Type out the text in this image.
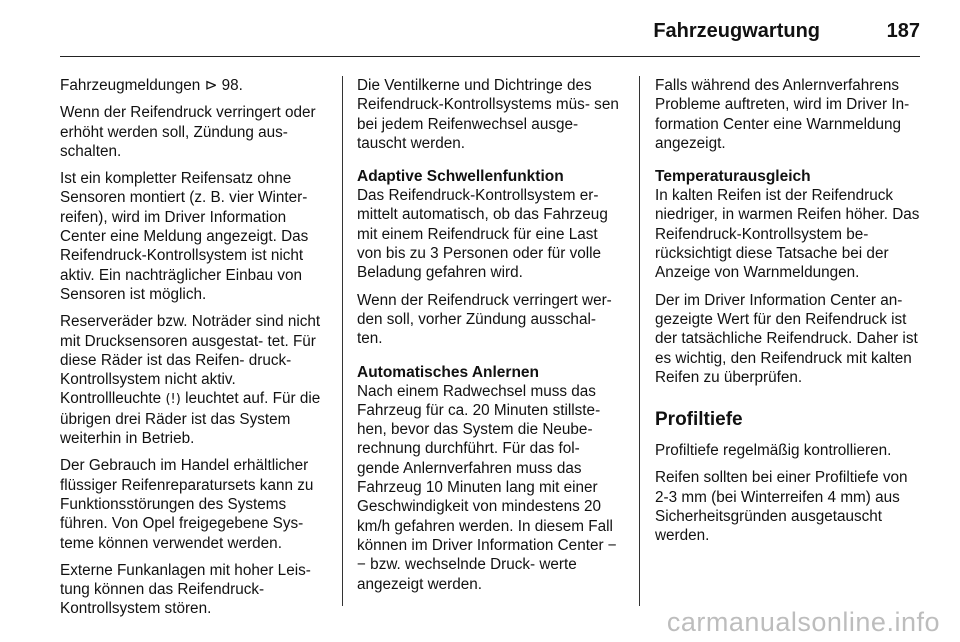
Fahrzeugwartung	187

Fahrzeugmeldungen ⊳ 98.

Wenn der Reifendruck verringert oder erhöht werden soll, Zündung aus- schalten.

Ist ein kompletter Reifensatz ohne Sensoren montiert (z. B. vier Winter- reifen), wird im Driver Information Center eine Meldung angezeigt. Das Reifendruck-Kontrollsystem ist nicht aktiv. Ein nachträglicher Einbau von Sensoren ist möglich.

Reserveräder bzw. Noträder sind nicht mit Drucksensoren ausgestat- tet. Für diese Räder ist das Reifen- druck-Kontrollsystem nicht aktiv. Kontrollleuchte (!) leuchtet auf. Für die übrigen drei Räder ist das System weiterhin in Betrieb.

Der Gebrauch im Handel erhältlicher flüssiger Reifenreparatursets kann zu Funktionsstörungen des Systems führen. Von Opel freigegebene Sys- teme können verwendet werden.

Externe Funkanlagen mit hoher Leis- tung können das Reifendruck- Kontrollsystem stören.

Die Ventilkerne und Dichtringe des Reifendruck-Kontrollsystems müs- sen bei jedem Reifenwechsel ausge- tauscht werden.

Adaptive Schwellenfunktion

Das Reifendruck-Kontrollsystem er- mittelt automatisch, ob das Fahrzeug mit einem Reifendruck für eine Last von bis zu 3 Personen oder für volle Beladung gefahren wird.

Wenn der Reifendruck verringert wer- den soll, vorher Zündung ausschal- ten.

Automatisches Anlernen

Nach einem Radwechsel muss das Fahrzeug für ca. 20 Minuten stillste- hen, bevor das System die Neube- rechnung durchführt. Für das fol- gende Anlernverfahren muss das Fahrzeug 10 Minuten lang mit einer Geschwindigkeit von mindestens 20 km/h gefahren werden. In diesem Fall können im Driver Information Center −− bzw. wechselnde Druck- werte angezeigt werden.

Falls während des Anlernverfahrens Probleme auftreten, wird im Driver In- formation Center eine Warnmeldung angezeigt.

Temperaturausgleich

In kalten Reifen ist der Reifendruck niedriger, in warmen Reifen höher. Das Reifendruck-Kontrollsystem be- rücksichtigt diese Tatsache bei der Anzeige von Warnmeldungen.

Der im Driver Information Center an- gezeigte Wert für den Reifendruck ist der tatsächliche Reifendruck. Daher ist es wichtig, den Reifendruck mit kalten Reifen zu überprüfen.

Profiltiefe

Profiltiefe regelmäßig kontrollieren.

Reifen sollten bei einer Profiltiefe von 2-3 mm (bei Winterreifen 4 mm) aus Sicherheitsgründen ausgetauscht werden.

carmanualsonline.info
